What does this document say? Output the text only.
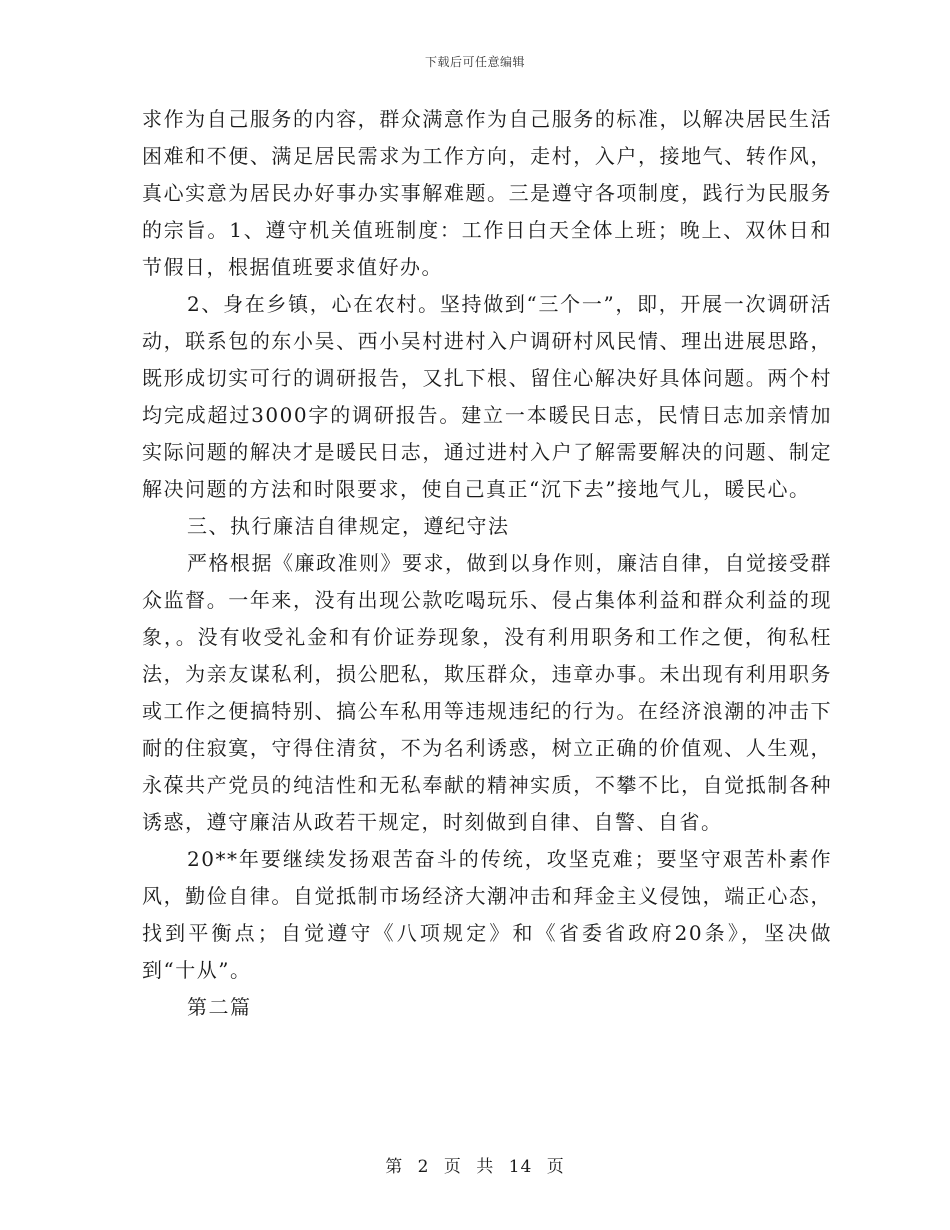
下载后可任意编辑

求作为自己服务的内容，群众满意作为自己服务的标准，以解决居民生活困难和不便、满足居民需求为工作方向，走村，入户，接地气、转作风，真心实意为居民办好事办实事解难题。三是遵守各项制度，践行为民服务的宗旨。1、遵守机关值班制度：工作日白天全体上班；晚上、双休日和节假日，根据值班要求值好办。

2、身在乡镇，心在农村。坚持做到“三个一”，即，开展一次调研活动，联系包的东小吴、西小吴村进村入户调研村风民情、理出进展思路，既形成切实可行的调研报告，又扎下根、留住心解决好具体问题。两个村均完成超过3000字的调研报告。建立一本暖民日志，民情日志加亲情加实际问题的解决才是暖民日志，通过进村入户了解需要解决的问题、制定解决问题的方法和时限要求，使自己真正“沉下去”接地气儿，暖民心。

三、执行廉洁自律规定，遵纪守法

严格根据《廉政准则》要求，做到以身作则，廉洁自律，自觉接受群众监督。一年来，没有出现公款吃喝玩乐、侵占集体利益和群众利益的现象，。没有收受礼金和有价证券现象，没有利用职务和工作之便，徇私枉法，为亲友谋私利，损公肥私，欺压群众，违章办事。未出现有利用职务或工作之便搞特别、搞公车私用等违规违纪的行为。在经济浪潮的冲击下耐的住寂寞，守得住清贫，不为名利诱惑，树立正确的价值观、人生观，永葆共产党员的纯洁性和无私奉献的精神实质，不攀不比，自觉抵制各种诱惑，遵守廉洁从政若干规定，时刻做到自律、自警、自省。

20**年要继续发扬艰苦奋斗的传统，攻坚克难；要坚守艰苦朴素作风，勤俭自律。自觉抵制市场经济大潮冲击和拜金主义侵蚀，端正心态，找到平衡点；自觉遵守《八项规定》和《省委省政府20条》，坚决做到“十从”。

第二篇

第 2 页 共 14 页
